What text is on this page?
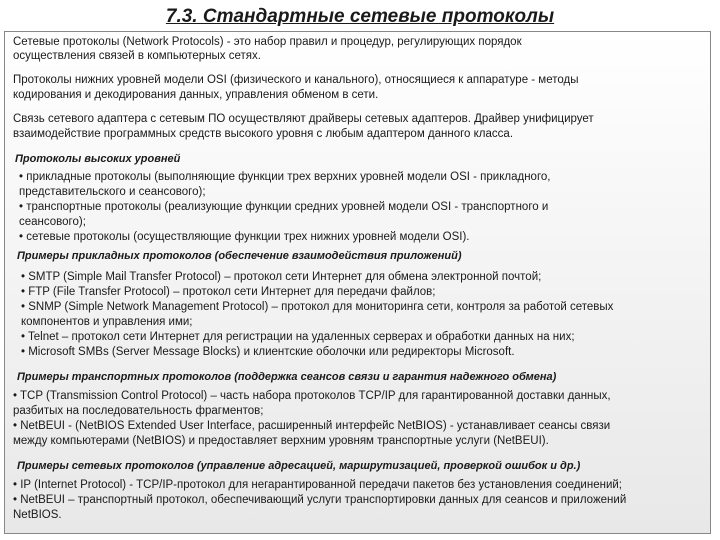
7.3. Стандартные сетевые протоколы

Сетевые протоколы (Network Protocols) - это набор правил и процедур, регулирующих порядок

осуществления связей в компьютерных сетях.

Протоколы нижних уровней модели OSI (физического и канального), относящиеся к аппаратуре - методы

кодирования и декодирования данных, управления обменом в сети.

Связь сетевого адаптера с сетевым ПО осуществляют драйверы сетевых адаптеров. Драйвер унифицирует

взаимодействие программных средств высокого уровня с любым адаптером данного класса.

Протоколы высоких уровней

• прикладные протоколы (выполняющие функции трех верхних уровней модели OSI - прикладного,

представительского и сеансового);

• транспортные протоколы (реализующие функции средних уровней модели OSI - транспортного и

сеансового);

• сетевые протоколы (осуществляющие функции трех нижних уровней модели OSI).

Примеры прикладных протоколов (обеспечение взаимодействия приложений)

• SMTP (Simple Mail Transfer Protocol) – протокол сети Интернет для обмена электронной почтой;

• FTP (File Transfer Protocol) – протокол сети Интернет для передачи файлов;

• SNMP (Simple Network Management Protocol) – протокол для мониторинга сети, контроля за работой сетевых

компонентов и управления ими;

• Telnet – протокол сети Интернет для регистрации на удаленных серверах и обработки данных на них;

• Microsoft SMBs (Server Message Blocks) и клиентские оболочки или редиректоры Microsoft.

Примеры транспортных протоколов (поддержка сеансов связи и гарантия надежного обмена)

• TCP (Transmission Control Protocol) – часть набора протоколов TCP/IP для гарантированной доставки данных,

разбитых на последовательность фрагментов;

• NetBEUI - (NetBIOS Extended User Interface, расширенный интерфейс NetBIOS) - устанавливает сеансы связи

между компьютерами (NetBIOS) и предоставляет верхним уровням транспортные услуги (NetBEUI).

Примеры сетевых протоколов (управление адресацией, маршрутизацией, проверкой ошибок и др.)

• IP (Internet Protocol) - TCP/IP-протокол для негарантированной передачи пакетов без установления соединений;

• NetBEUI – транспортный протокол, обеспечивающий услуги транспортировки данных для сеансов и приложений

NetBIOS.
